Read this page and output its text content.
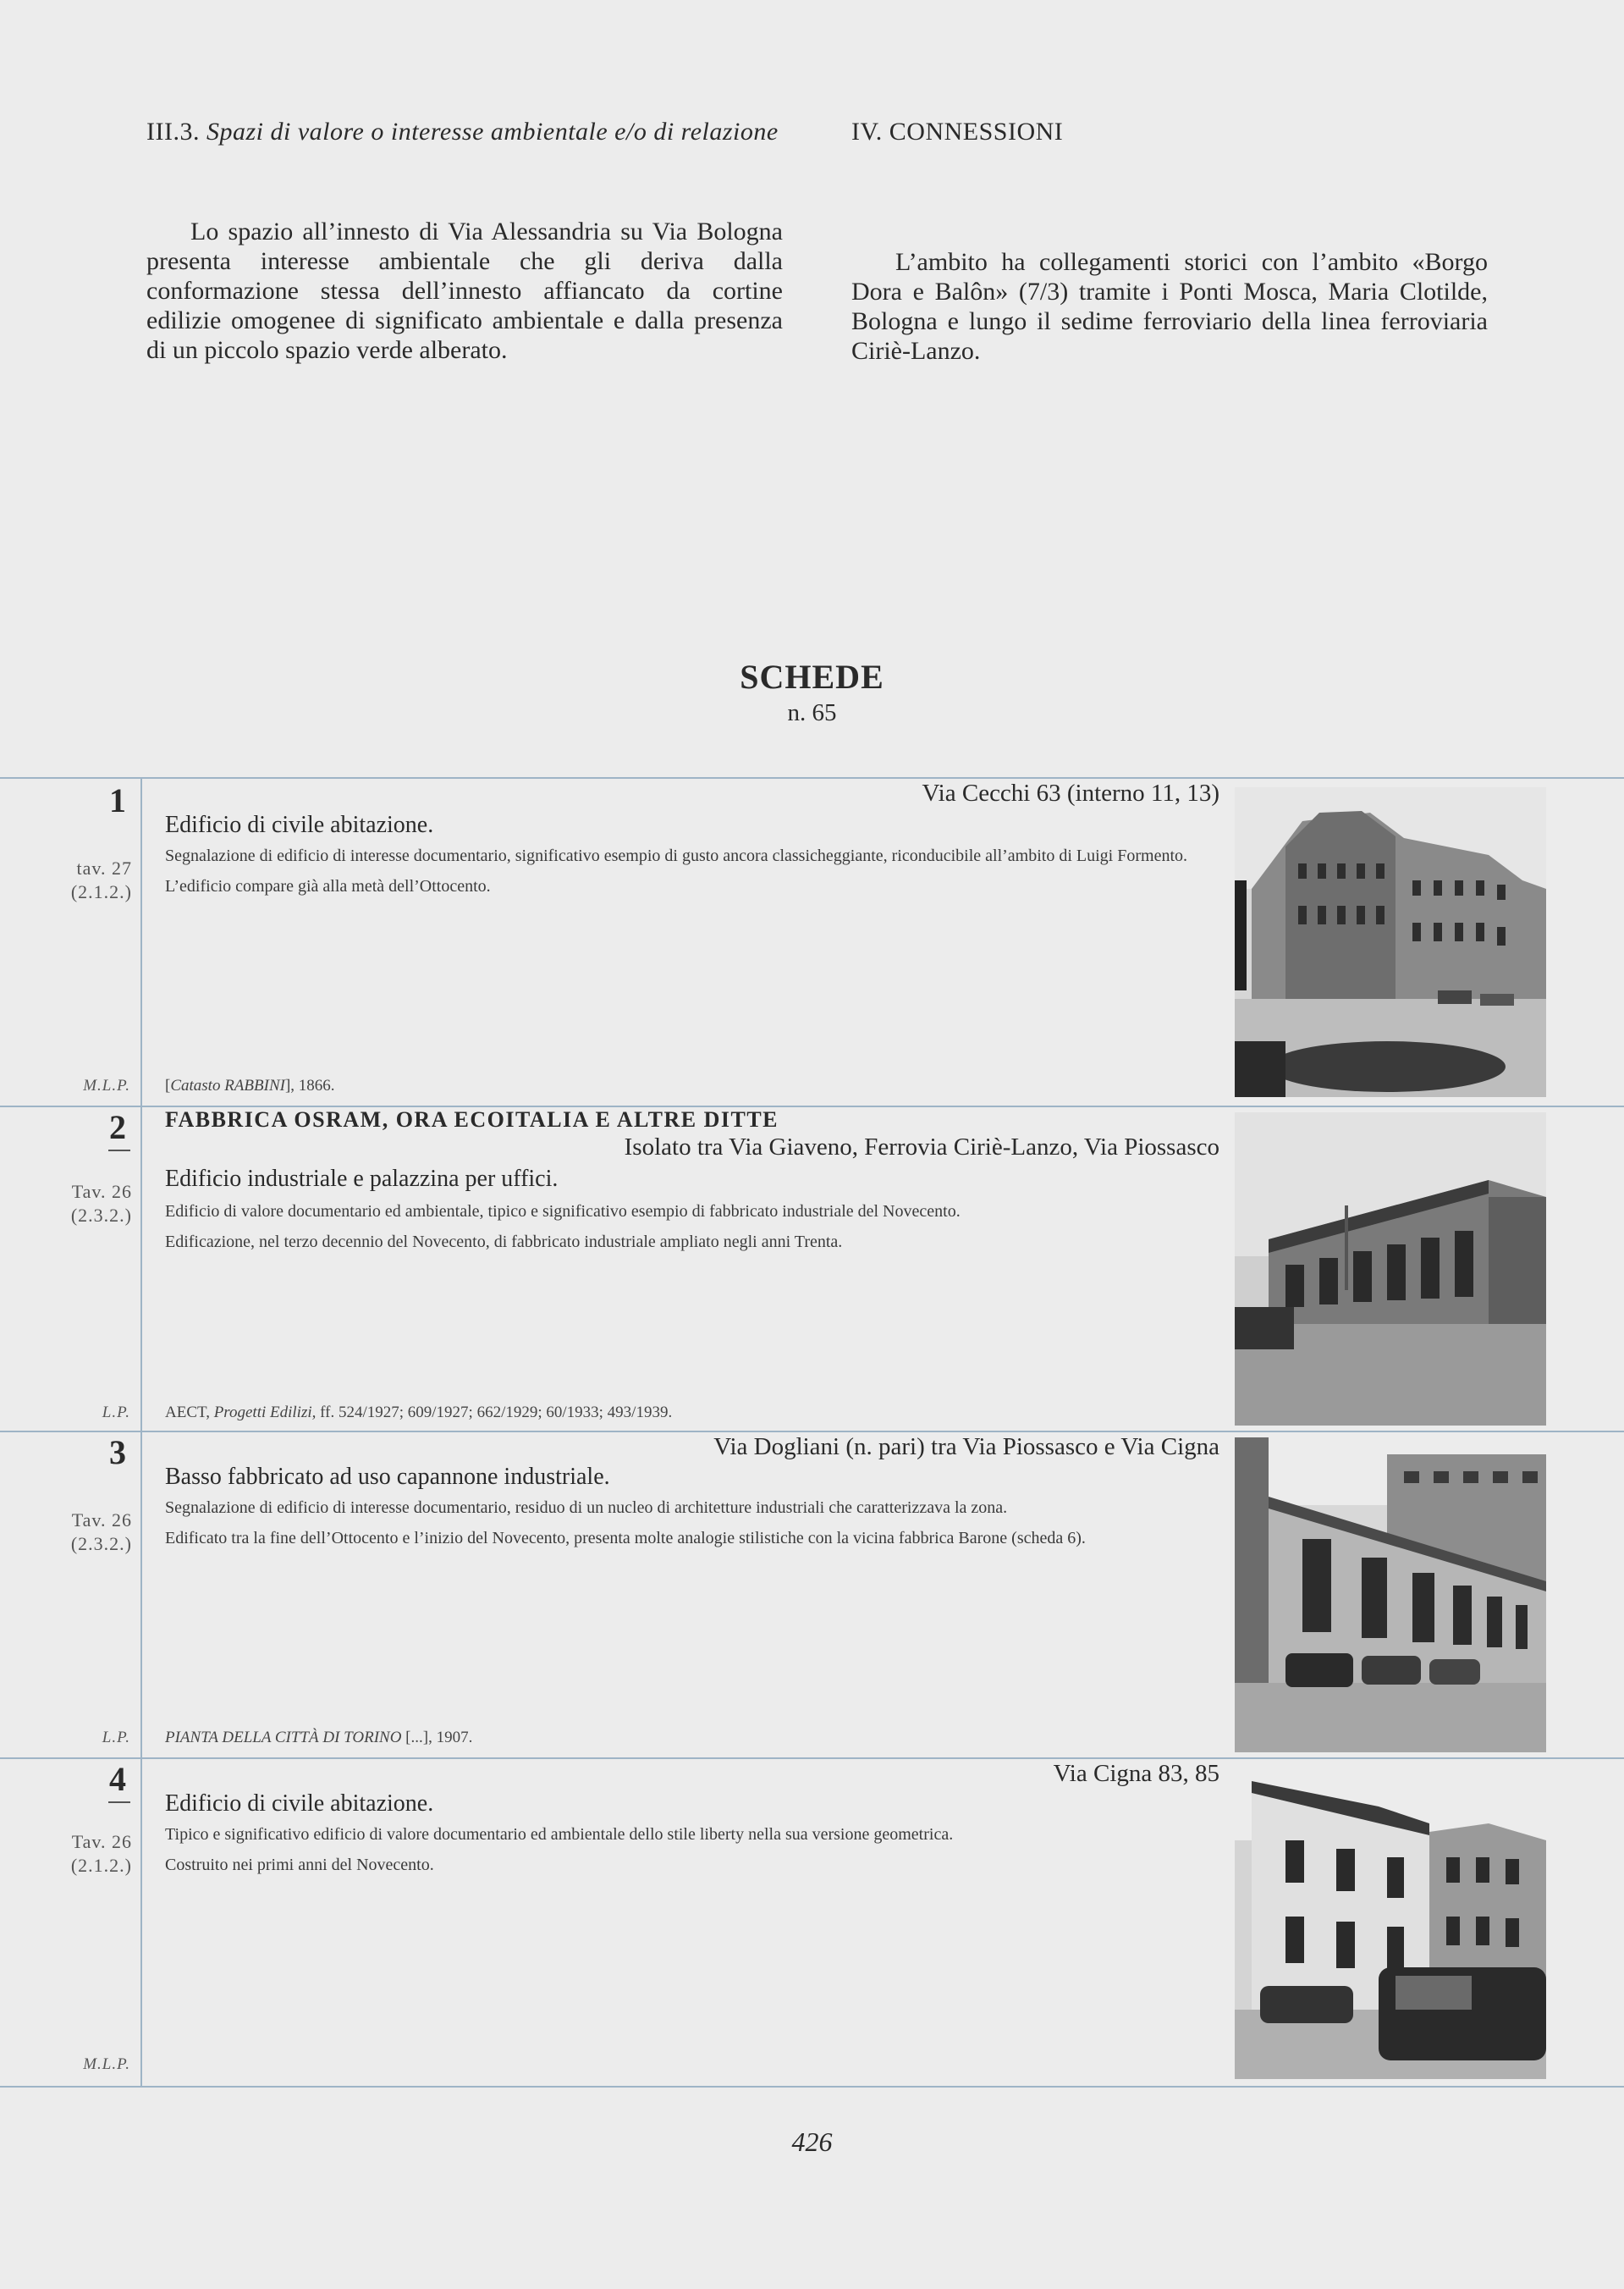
III.3. Spazi di valore o interesse ambientale e/o di relazione

Lo spazio all’innesto di Via Alessandria su Via Bologna presenta interesse ambientale che gli deriva dalla conformazione stessa dell’innesto affiancato da cortine edilizie omogenee di significato ambientale e dalla presenza di un piccolo spazio verde alberato.

IV. CONNESSIONI

L’ambito ha collegamenti storici con l’ambito «Borgo Dora e Balôn» (7/3) tramite i Ponti Mosca, Maria Clotilde, Bologna e lungo il sedime ferroviario della linea ferroviaria Ciriè-Lanzo.

SCHEDE
n. 65
1
tav. 27
(2.1.2.)
Via Cecchi 63 (interno 11, 13)
Edificio di civile abitazione.

Segnalazione di edificio di interesse documentario, significativo esempio di gusto ancora classicheggiante, riconducibile all’ambito di Luigi Formento.

L’edificio compare già alla metà dell’Ottocento.

M.L.P. [Catasto RABBINI], 1866.
2
Tav. 26
(2.3.2.)
FABBRICA OSRAM, ORA ECOITALIA E ALTRE DITTE
Isolato tra Via Giaveno, Ferrovia Ciriè-Lanzo, Via Piossasco
Edificio industriale e palazzina per uffici.

Edificio di valore documentario ed ambientale, tipico e significativo esempio di fabbricato industriale del Novecento.

Edificazione, nel terzo decennio del Novecento, di fabbricato industriale ampliato negli anni Trenta.

L.P. AECT, Progetti Edilizi, ff. 524/1927; 609/1927; 662/1929; 60/1933; 493/1939.
3
Tav. 26
(2.3.2.)
Via Dogliani (n. pari) tra Via Piossasco e Via Cigna
Basso fabbricato ad uso capannone industriale.

Segnalazione di edificio di interesse documentario, residuo di un nucleo di architetture industriali che caratterizzava la zona.

Edificato tra la fine dell’Ottocento e l’inizio del Novecento, presenta molte analogie stilistiche con la vicina fabbrica Barone (scheda 6).

L.P. PIANTA DELLA CITTÀ DI TORINO [...], 1907.
4
Tav. 26
(2.1.2.)
Via Cigna 83, 85
Edificio di civile abitazione.

Tipico e significativo edificio di valore documentario ed ambientale dello stile liberty nella sua versione geometrica.

Costruito nei primi anni del Novecento.

M.L.P.
426
